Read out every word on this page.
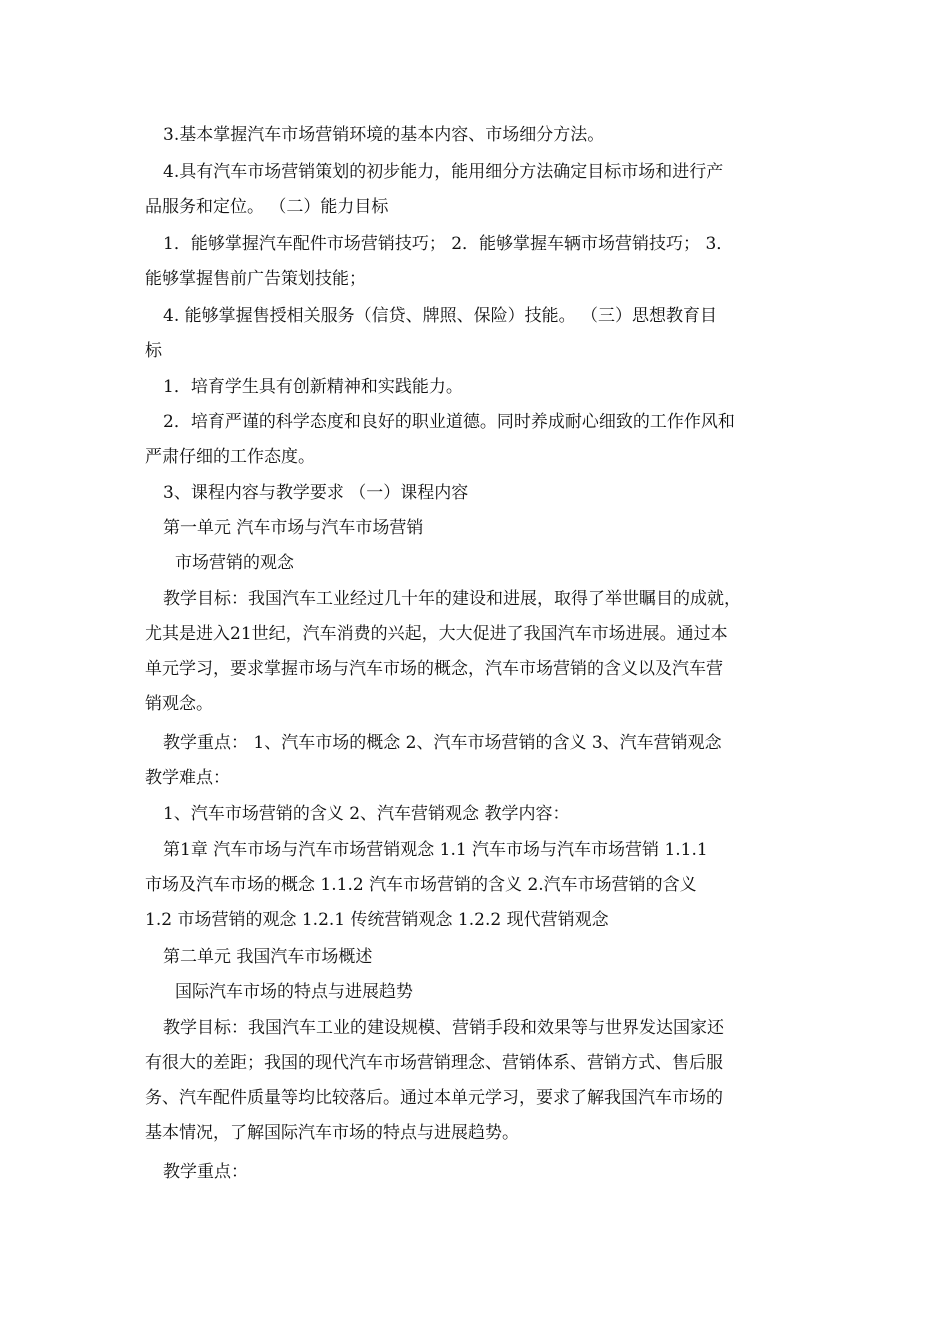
3.基本掌握汽车市场营销环境的基本内容、市场细分方法。

4.具有汽车市场营销策划的初步能力，能用细分方法确定目标市场和进行产
品服务和定位。 （二）能力目标

1．能够掌握汽车配件市场营销技巧； 2．能够掌握车辆市场营销技巧； 3．
能够掌握售前广告策划技能；

4. 能够掌握售授相关服务（信贷、牌照、保险）技能。 （三）思想教育目
标

1．培育学生具有创新精神和实践能力。

2．培育严谨的科学态度和良好的职业道德。同时养成耐心细致的工作作风和
严肃仔细的工作态度。

3、课程内容与教学要求 （一）课程内容

第一单元 汽车市场与汽车市场营销

市场营销的观念

教学目标：我国汽车工业经过几十年的建设和进展，取得了举世瞩目的成就，
尤其是进入21世纪，汽车消费的兴起，大大促进了我国汽车市场进展。通过本
单元学习，要求掌握市场与汽车市场的概念，汽车市场营销的含义以及汽车营
销观念。

教学重点： 1、汽车市场的概念 2、汽车市场营销的含义 3、汽车营销观念
教学难点：

1、汽车市场营销的含义 2、汽车营销观念 教学内容：

第1章 汽车市场与汽车市场营销观念 1.1 汽车市场与汽车市场营销 1.1.1
市场及汽车市场的概念 1.1.2 汽车市场营销的含义 2.汽车市场营销的含义
1.2 市场营销的观念 1.2.1 传统营销观念 1.2.2 现代营销观念

第二单元 我国汽车市场概述

国际汽车市场的特点与进展趋势

教学目标：我国汽车工业的建设规模、营销手段和效果等与世界发达国家还
有很大的差距；我国的现代汽车市场营销理念、营销体系、营销方式、售后服
务、汽车配件质量等均比较落后。通过本单元学习，要求了解我国汽车市场的
基本情况，了解国际汽车市场的特点与进展趋势。

教学重点：
